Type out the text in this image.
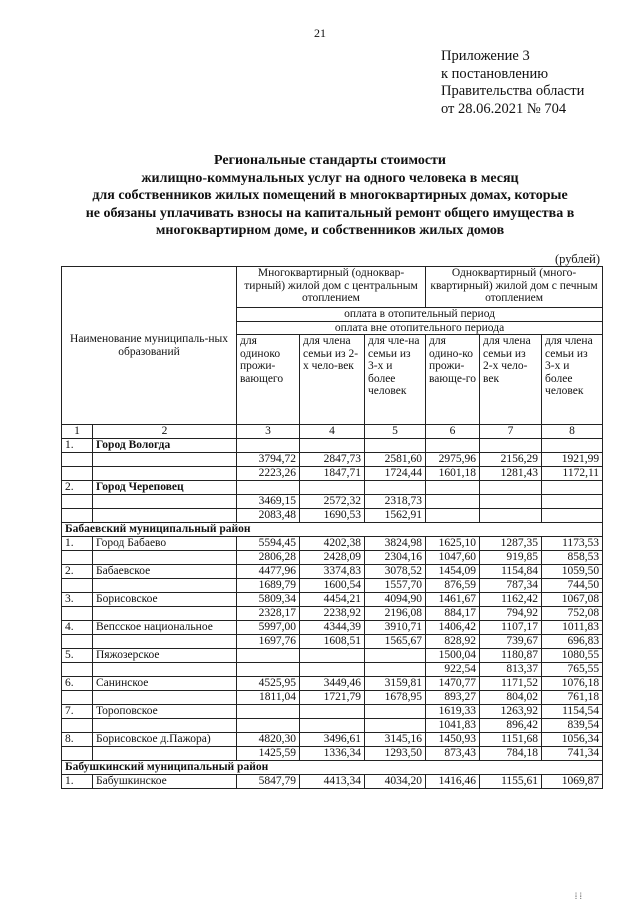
21
Приложение 3
к постановлению
Правительства области
от 28.06.2021 № 704
Региональные стандарты стоимости
жилищно-коммунальных услуг на одного человека в месяц
для собственников жилых помещений в многоквартирных домах, которые
не обязаны уплачивать взносы на капитальный ремонт общего имущества в
многоквартирном доме, и собственников жилых домов
(рублей)
Наименование муниципаль-ных образований		Многоквартирный (одноквар-тирный) жилой дом с центральным отоплением			Одноквартирный (много-квартирный) жилой дом с печным отоплением		
		оплата в отопительный период					
		оплата вне отопительного периода					
		для одиноко прожи-вающего	для члена семьи из 2-х чело-век	для чле-на семьи из 3-х и более человек	для одино-ко прожи-вающе-го	для члена семьи из 2-х чело-век	для члена семьи из 3-х и более человек
1	2	3	4	5	6	7	8
1.	Город Вологда						
		3794,72	2847,73	2581,60	2975,96	2156,29	1921,99
		2223,26	1847,71	1724,44	1601,18	1281,43	1172,11
2.	Город Череповец						
		3469,15	2572,32	2318,73			
		2083,48	1690,53	1562,91			
Бабаевский муниципальный район							
1.	Город Бабаево	5594,45	4202,38	3824,98	1625,10	1287,35	1173,53
		2806,28	2428,09	2304,16	1047,60	919,85	858,53
2.	Бабаевское	4477,96	3374,83	3078,52	1454,09	1154,84	1059,50
		1689,79	1600,54	1557,70	876,59	787,34	744,50
3.	Борисовское	5809,34	4454,21	4094,90	1461,67	1162,42	1067,08
		2328,17	2238,92	2196,08	884,17	794,92	752,08
4.	Вепсское национальное	5997,00	4344,39	3910,71	1406,42	1107,17	1011,83
		1697,76	1608,51	1565,67	828,92	739,67	696,83
5.	Пяжозерское				1500,04	1180,87	1080,55
					922,54	813,37	765,55
6.	Санинское	4525,95	3449,46	3159,81	1470,77	1171,52	1076,18
		1811,04	1721,79	1678,95	893,27	804,02	761,18
7.	Тороповское				1619,33	1263,92	1154,54
					1041,83	896,42	839,54
8.	Борисовское д.Пажора)	4820,30	3496,61	3145,16	1450,93	1151,68	1056,34
		1425,59	1336,34	1293,50	873,43	784,18	741,34
Бабушкинский муниципальный район							
1.	Бабушкинское	5847,79	4413,34	4034,20	1416,46	1155,61	1069,87
⁞ ⁞
